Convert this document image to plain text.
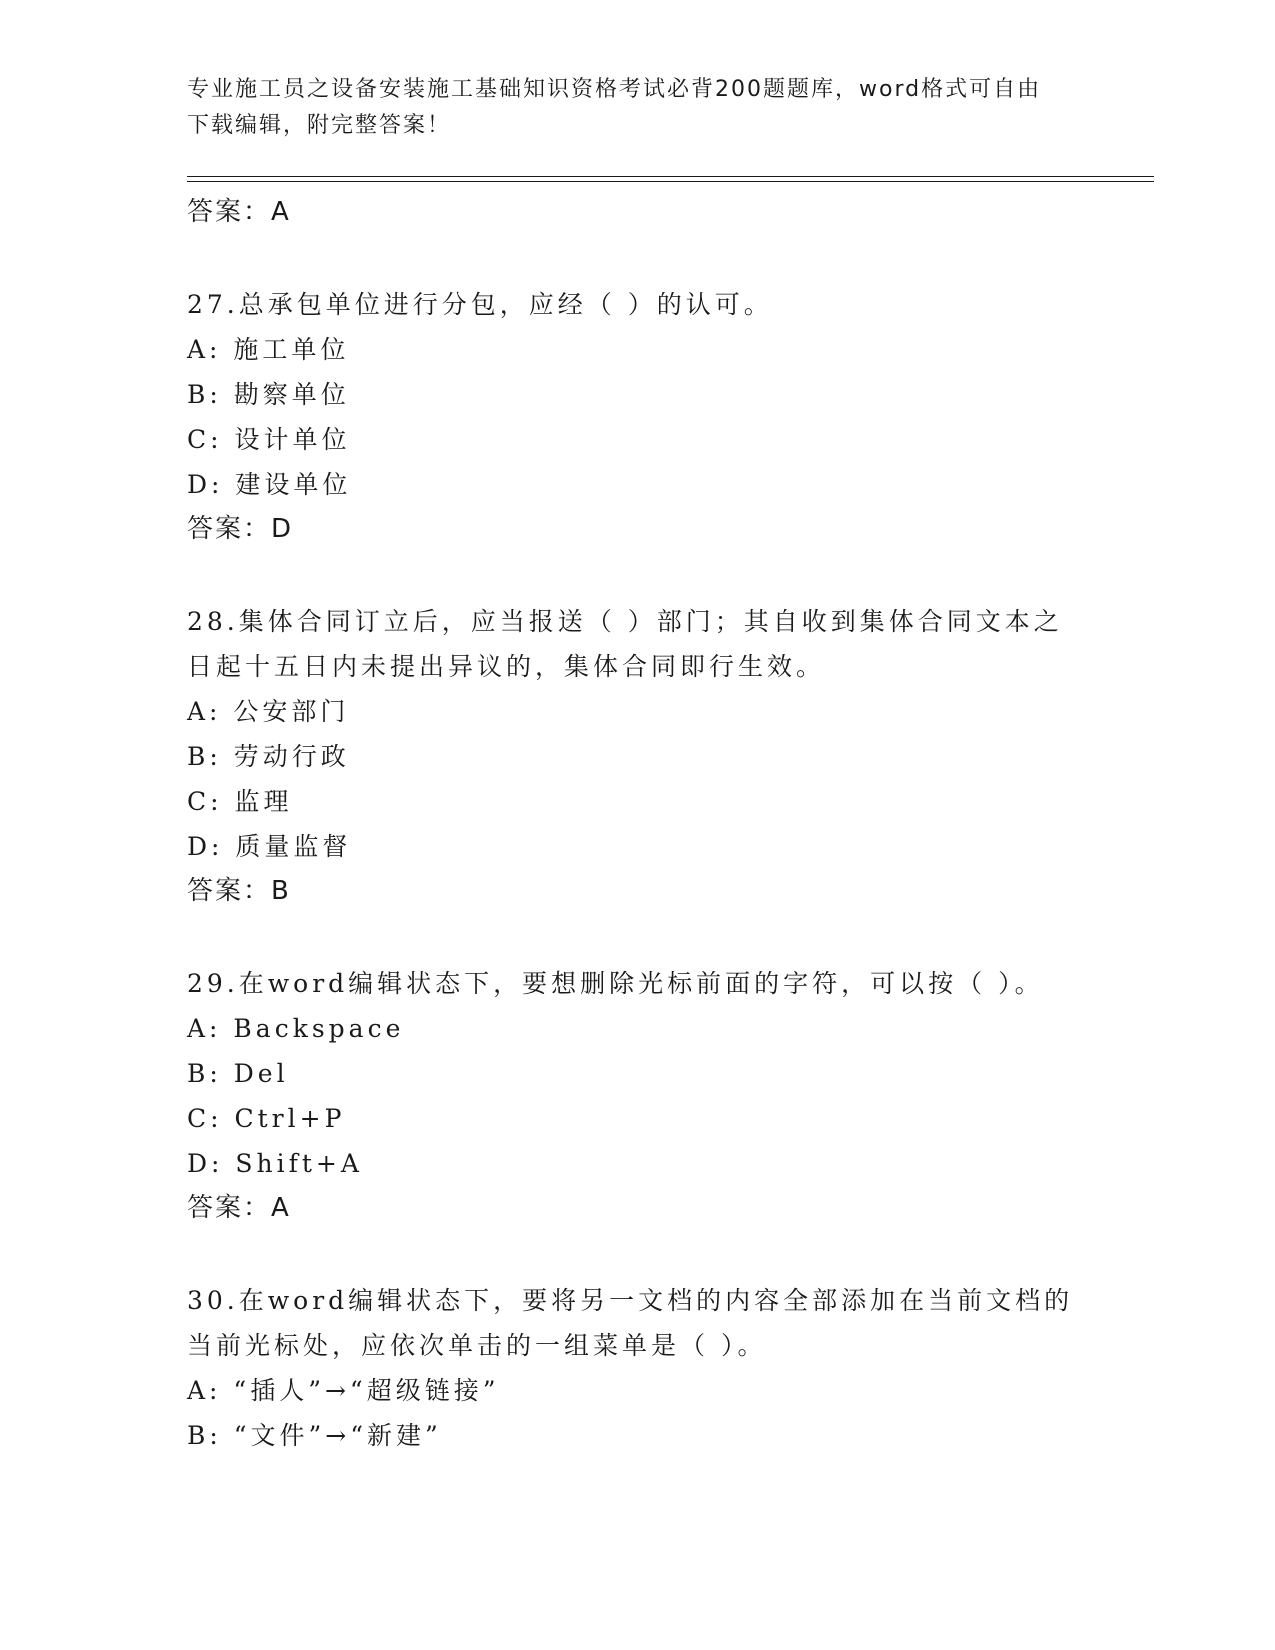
专业施工员之设备安装施工基础知识资格考试必背200题题库，word格式可自由
下载编辑，附完整答案！
答案：A
27.总承包单位进行分包，应经（ ）的认可。
A: 施工单位
B: 勘察单位
C: 设计单位
D: 建设单位
答案：D
28.集体合同订立后，应当报送（ ）部门；其自收到集体合同文本之
日起十五日内未提出异议的，集体合同即行生效。
A: 公安部门
B: 劳动行政
C: 监理
D: 质量监督
答案：B
29.在word编辑状态下，要想删除光标前面的字符，可以按（ ）。
A: Backspace
B: Del
C: Ctrl+P
D: Shift+A
答案：A
30.在word编辑状态下，要将另一文档的内容全部添加在当前文档的
当前光标处，应依次单击的一组菜单是（ ）。
A: “插人”→“超级链接”
B: “文件”→“新建”
